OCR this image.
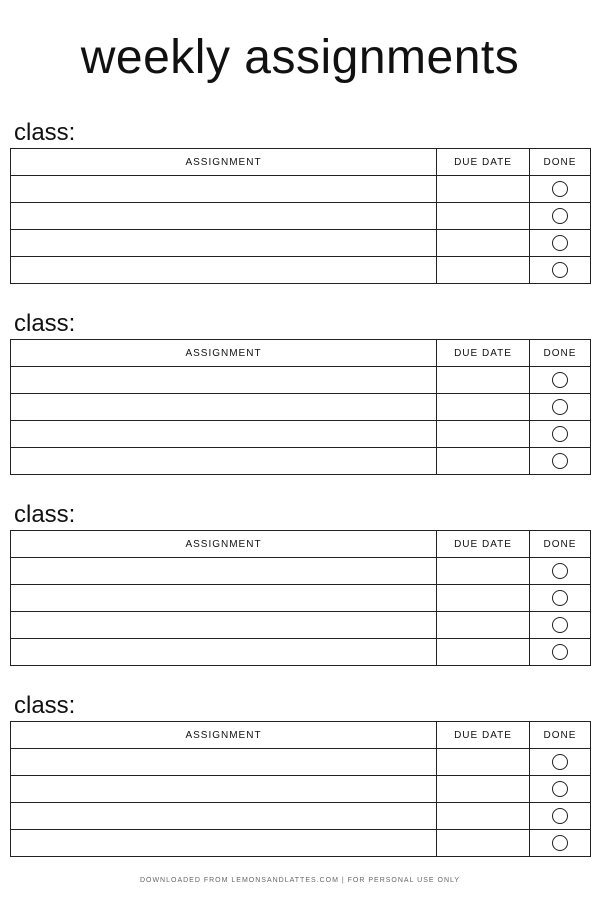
weekly assignments
class:
ASSIGNMENT	DUE DATE	DONE

class:
ASSIGNMENT	DUE DATE	DONE

class:
ASSIGNMENT	DUE DATE	DONE

class:
ASSIGNMENT	DUE DATE	DONE

DOWNLOADED FROM LEMONSANDLATTES.COM | FOR PERSONAL USE ONLY
